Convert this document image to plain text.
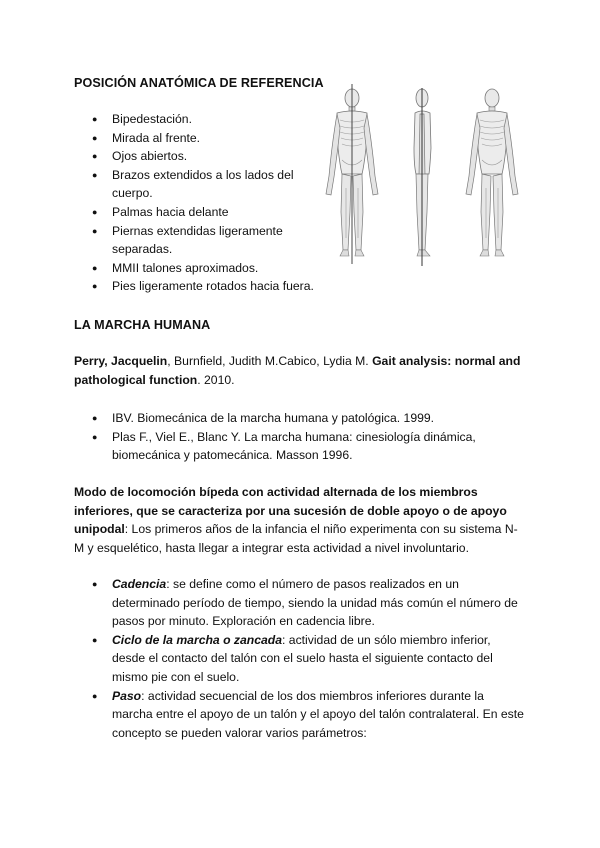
POSICIÓN ANATÓMICA DE REFERENCIA
● Bipedestación.
● Mirada al frente.
● Ojos abiertos.
● Brazos extendidos a los lados del cuerpo.
● Palmas hacia delante
● Piernas extendidas ligeramente separadas.
● MMII talones aproximados.
● Pies ligeramente rotados hacia fuera.
LA MARCHA HUMANA
Perry, Jacquelin, Burnfield, Judith M.Cabico, Lydia M. Gait analysis: normal and pathological function. 2010.
● IBV. Biomecánica de la marcha humana y patológica. 1999.
● Plas F., Viel E., Blanc Y. La marcha humana: cinesiología dinámica, biomecánica y patomecánica. Masson 1996.
Modo de locomoción bípeda con actividad alternada de los miembros inferiores, que se caracteriza por una sucesión de doble apoyo o de apoyo unipodal: Los primeros años de la infancia el niño experimenta con su sistema N-M y esquelético, hasta llegar a integrar esta actividad a nivel involuntario.
● Cadencia: se define como el número de pasos realizados en un determinado período de tiempo, siendo la unidad más común el número de pasos por minuto. Exploración en cadencia libre.
● Ciclo de la marcha o zancada: actividad de un sólo miembro inferior, desde el contacto del talón con el suelo hasta el siguiente contacto del mismo pie con el suelo.
● Paso: actividad secuencial de los dos miembros inferiores durante la marcha entre el apoyo de un talón y el apoyo del talón contralateral. En este concepto se pueden valorar varios parámetros:
